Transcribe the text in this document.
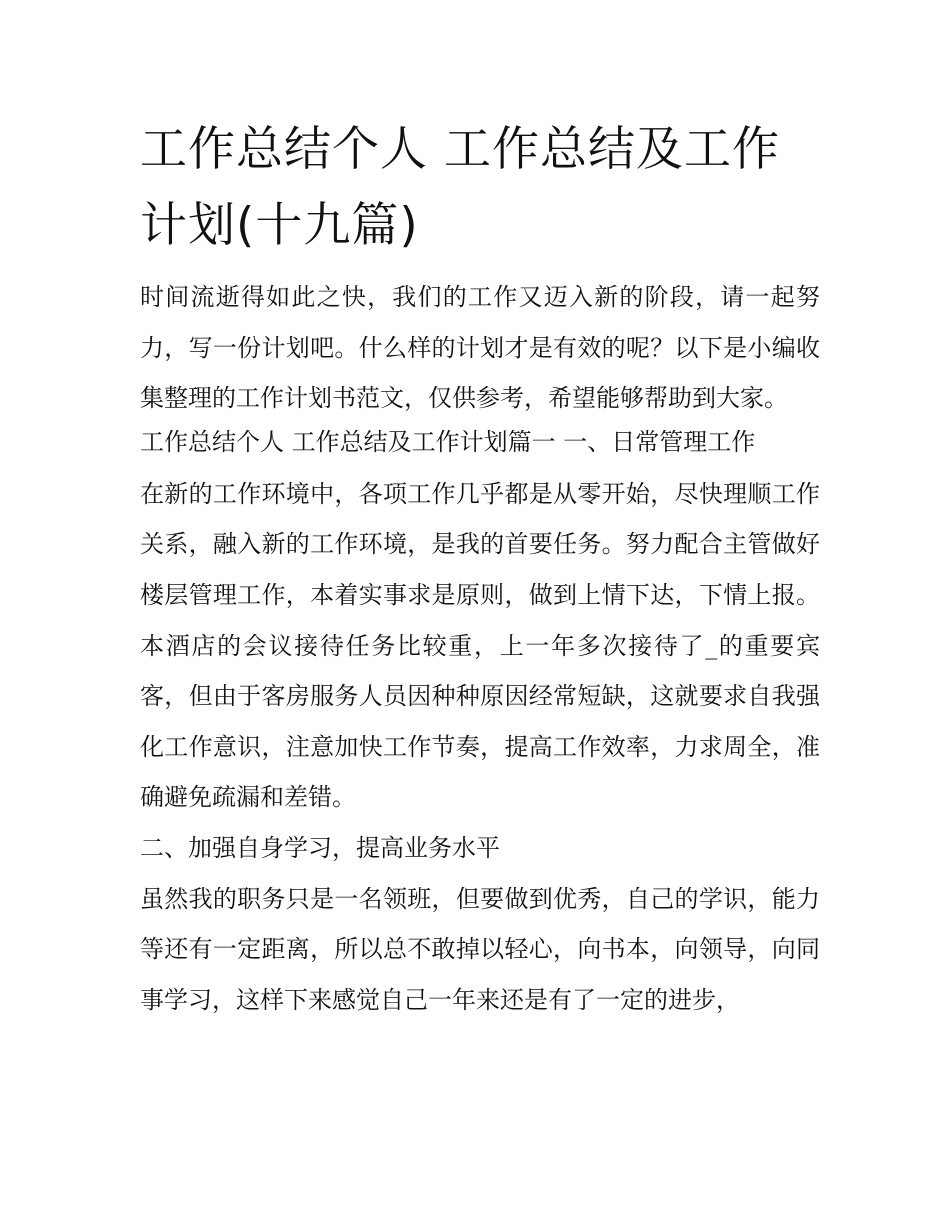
工作总结个人 工作总结及工作计划(十九篇)

时间流逝得如此之快，我们的工作又迈入新的阶段，请一起努力，写一份计划吧。什么样的计划才是有效的呢？以下是小编收集整理的工作计划书范文，仅供参考，希望能够帮助到大家。

工作总结个人 工作总结及工作计划篇一 一、日常管理工作

在新的工作环境中，各项工作几乎都是从零开始，尽快理顺工作关系，融入新的工作环境，是我的首要任务。努力配合主管做好楼层管理工作，本着实事求是原则，做到上情下达，下情上报。本酒店的会议接待任务比较重，上一年多次接待了_的重要宾客，但由于客房服务人员因种种原因经常短缺，这就要求自我强化工作意识，注意加快工作节奏，提高工作效率，力求周全，准确避免疏漏和差错。

二、加强自身学习，提高业务水平

虽然我的职务只是一名领班，但要做到优秀，自己的学识，能力等还有一定距离，所以总不敢掉以轻心，向书本，向领导，向同事学习，这样下来感觉自己一年来还是有了一定的进步，
